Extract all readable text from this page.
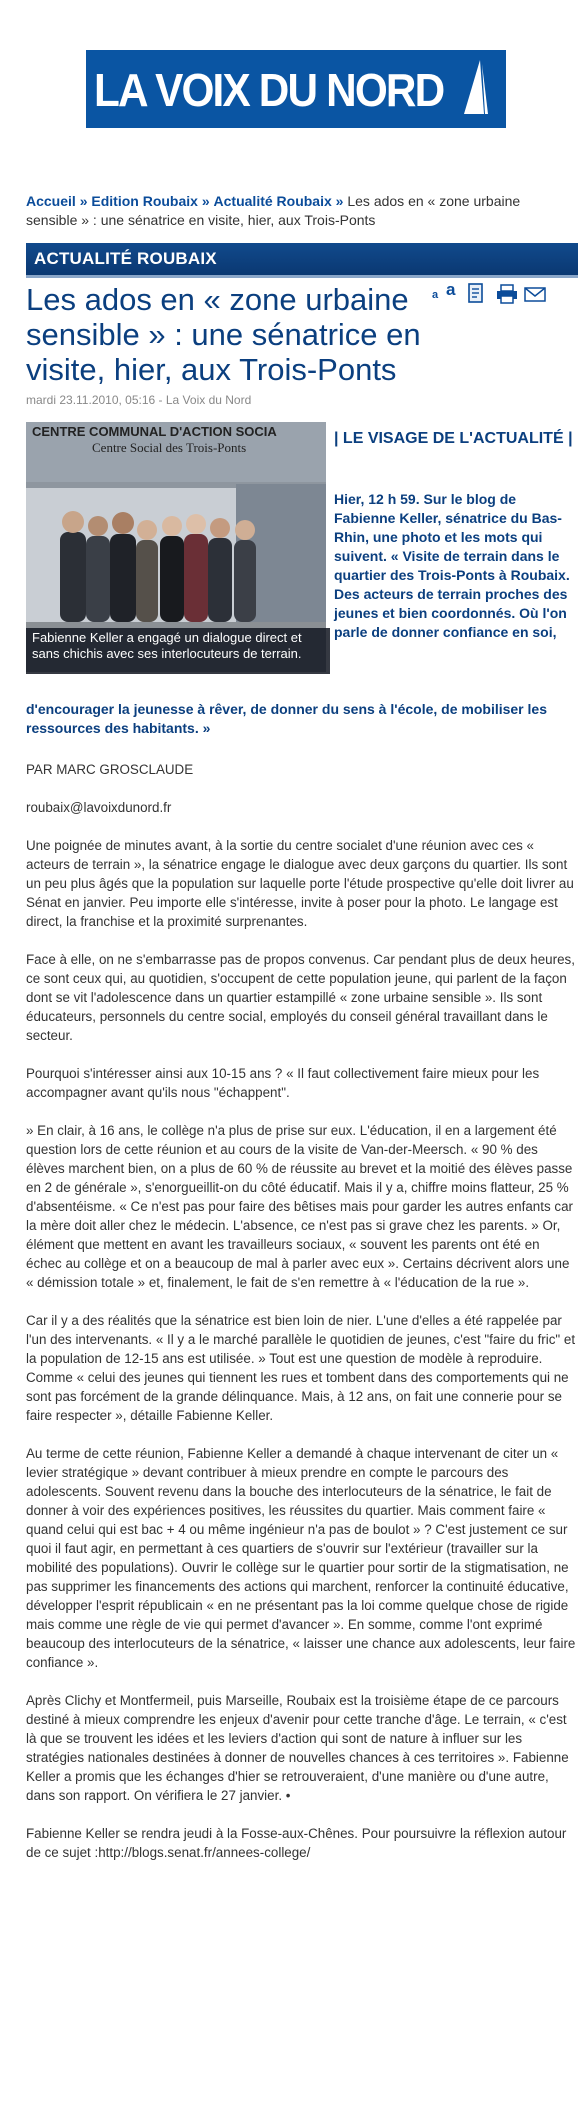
LA VOIX DU NORD
Accueil » Edition Roubaix » Actualité Roubaix » Les ados en « zone urbaine sensible » : une sénatrice en visite, hier, aux Trois-Ponts
ACTUALITÉ ROUBAIX
Les ados en « zone urbaine sensible » : une sénatrice en visite, hier, aux Trois-Ponts
a a
mardi 23.11.2010, 05:16 - La Voix du Nord
CENTRE COMMUNAL D'ACTION SOCIA
Centre Social des Trois-Ponts
Fabienne Keller a engagé un dialogue direct et sans chichis avec ses interlocuteurs de terrain.
| LE VISAGE DE L'ACTUALITÉ |
Hier, 12 h 59. Sur le blog de Fabienne Keller, sénatrice du Bas-Rhin, une photo et les mots qui suivent. « Visite de terrain dans le quartier des Trois-Ponts à Roubaix. Des acteurs de terrain proches des jeunes et bien coordonnés. Où l'on parle de donner confiance en soi,
d'encourager la jeunesse à rêver, de donner du sens à l'école, de mobiliser les ressources des habitants. »

PAR MARC GROSCLAUDE

roubaix@lavoixdunord.fr

Une poignée de minutes avant, à la sortie du centre socialet d'une réunion avec ces « acteurs de terrain », la sénatrice engage le dialogue avec deux garçons du quartier. Ils sont un peu plus âgés que la population sur laquelle porte l'étude prospective qu'elle doit livrer au Sénat en janvier. Peu importe elle s'intéresse, invite à poser pour la photo. Le langage est direct, la franchise et la proximité surprenantes.

Face à elle, on ne s'embarrasse pas de propos convenus. Car pendant plus de deux heures, ce sont ceux qui, au quotidien, s'occupent de cette population jeune, qui parlent de la façon dont se vit l'adolescence dans un quartier estampillé « zone urbaine sensible ». Ils sont éducateurs, personnels du centre social, employés du conseil général travaillant dans le secteur.

Pourquoi s'intéresser ainsi aux 10-15 ans ? « Il faut collectivement faire mieux pour les accompagner avant qu'ils nous "échappent".

» En clair, à 16 ans, le collège n'a plus de prise sur eux. L'éducation, il en a largement été question lors de cette réunion et au cours de la visite de Van-der-Meersch. « 90 % des élèves marchent bien, on a plus de 60 % de réussite au brevet et la moitié des élèves passe en 2 de générale », s'enorgueillit-on du côté éducatif. Mais il y a, chiffre moins flatteur, 25 % d'absentéisme. « Ce n'est pas pour faire des bêtises mais pour garder les autres enfants car la mère doit aller chez le médecin. L'absence, ce n'est pas si grave chez les parents. » Or, élément que mettent en avant les travailleurs sociaux, « souvent les parents ont été en échec au collège et on a beaucoup de mal à parler avec eux ». Certains décrivent alors une « démission totale » et, finalement, le fait de s'en remettre à « l'éducation de la rue ».

Car il y a des réalités que la sénatrice est bien loin de nier. L'une d'elles a été rappelée par l'un des intervenants. « Il y a le marché parallèle le quotidien de jeunes, c'est "faire du fric" et la population de 12-15 ans est utilisée. » Tout est une question de modèle à reproduire. Comme « celui des jeunes qui tiennent les rues et tombent dans des comportements qui ne sont pas forcément de la grande délinquance. Mais, à 12 ans, on fait une connerie pour se faire respecter », détaille Fabienne Keller.

Au terme de cette réunion, Fabienne Keller a demandé à chaque intervenant de citer un « levier stratégique » devant contribuer à mieux prendre en compte le parcours des adolescents. Souvent revenu dans la bouche des interlocuteurs de la sénatrice, le fait de donner à voir des expériences positives, les réussites du quartier. Mais comment faire « quand celui qui est bac + 4 ou même ingénieur n'a pas de boulot » ? C'est justement ce sur quoi il faut agir, en permettant à ces quartiers de s'ouvrir sur l'extérieur (travailler sur la mobilité des populations). Ouvrir le collège sur le quartier pour sortir de la stigmatisation, ne pas supprimer les financements des actions qui marchent, renforcer la continuité éducative, développer l'esprit républicain « en ne présentant pas la loi comme quelque chose de rigide mais comme une règle de vie qui permet d'avancer ». En somme, comme l'ont exprimé beaucoup des interlocuteurs de la sénatrice, « laisser une chance aux adolescents, leur faire confiance ».

Après Clichy et Montfermeil, puis Marseille, Roubaix est la troisième étape de ce parcours destiné à mieux comprendre les enjeux d'avenir pour cette tranche d'âge. Le terrain, « c'est là que se trouvent les idées et les leviers d'action qui sont de nature à influer sur les stratégies nationales destinées à donner de nouvelles chances à ces territoires ». Fabienne Keller a promis que les échanges d'hier se retrouveraient, d'une manière ou d'une autre, dans son rapport. On vérifiera le 27 janvier. •

Fabienne Keller se rendra jeudi à la Fosse-aux-Chênes. Pour poursuivre la réflexion autour de ce sujet :http://blogs.senat.fr/annees-college/
